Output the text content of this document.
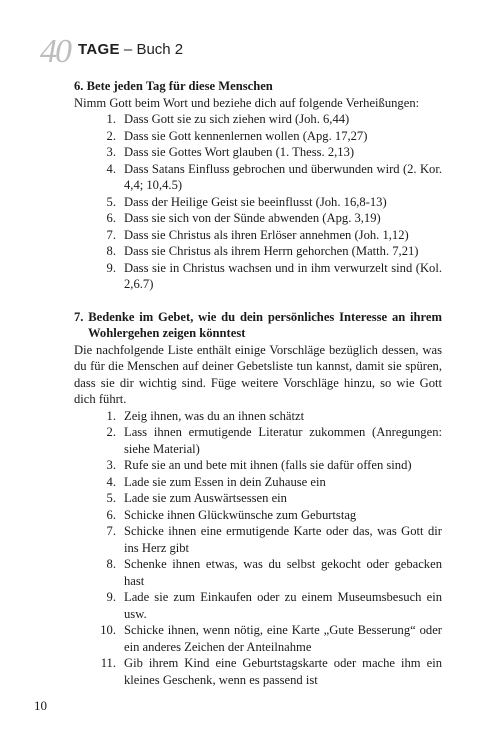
40 TAGE – Buch 2

6. Bete jeden Tag für diese Menschen

Nimm Gott beim Wort und beziehe dich auf folgende Verheißungen:

1. Dass Gott sie zu sich ziehen wird (Joh. 6,44)
2. Dass sie Gott kennenlernen wollen (Apg. 17,27)
3. Dass sie Gottes Wort glauben (1. Thess. 2,13)
4. Dass Satans Einfluss gebrochen und überwunden wird (2. Kor. 4,4; 10,4.5)
5. Dass der Heilige Geist sie beeinflusst (Joh. 16,8-13)
6. Dass sie sich von der Sünde abwenden (Apg. 3,19)
7. Dass sie Christus als ihren Erlöser annehmen (Joh. 1,12)
8. Dass sie Christus als ihrem Herrn gehorchen (Matth. 7,21)
9. Dass sie in Christus wachsen und in ihm verwurzelt sind (Kol. 2,6.7)

7. Bedenke im Gebet, wie du dein persönliches Interesse an ihrem Wohlergehen zeigen könntest

Die nachfolgende Liste enthält einige Vorschläge bezüglich dessen, was du für die Menschen auf deiner Gebetsliste tun kannst, damit sie spüren, dass sie dir wichtig sind. Füge weitere Vorschläge hinzu, so wie Gott dich führt.

1. Zeig ihnen, was du an ihnen schätzt
2. Lass ihnen ermutigende Literatur zukommen (Anregungen: siehe Material)
3. Rufe sie an und bete mit ihnen (falls sie dafür offen sind)
4. Lade sie zum Essen in dein Zuhause ein
5. Lade sie zum Auswärtsessen ein
6. Schicke ihnen Glückwünsche zum Geburtstag
7. Schicke ihnen eine ermutigende Karte oder das, was Gott dir ins Herz gibt
8. Schenke ihnen etwas, was du selbst gekocht oder gebacken hast
9. Lade sie zum Einkaufen oder zu einem Museumsbesuch ein usw.
10. Schicke ihnen, wenn nötig, eine Karte „Gute Besserung“ oder ein anderes Zeichen der Anteilnahme
11. Gib ihrem Kind eine Geburtstagskarte oder mache ihm ein kleines Geschenk, wenn es passend ist
10
